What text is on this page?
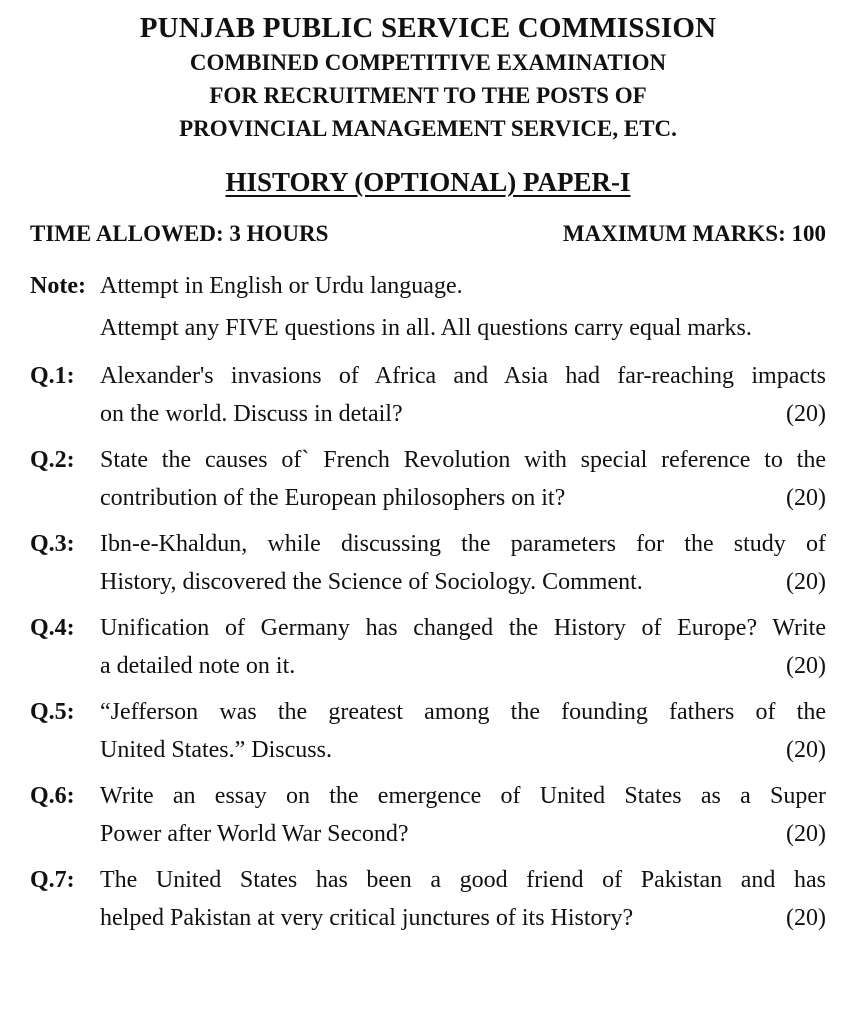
PUNJAB PUBLIC SERVICE COMMISSION

COMBINED COMPETITIVE EXAMINATION

FOR RECRUITMENT TO THE POSTS OF

PROVINCIAL MANAGEMENT SERVICE, ETC.

HISTORY (OPTIONAL) PAPER-I
TIME ALLOWED: 3 HOURS	MAXIMUM MARKS: 100
Note: Attempt in English or Urdu language.
Attempt any FIVE questions in all. All questions carry equal marks.
Q.1:	Alexander's invasions of Africa and Asia had far-reaching impacts
on the world. Discuss in detail?	(20)
Q.2:	State the causes of` French Revolution with special reference to the
contribution of the European philosophers on it?	(20)
Q.3:	Ibn-e-Khaldun, while discussing the parameters for the study of
History, discovered the Science of Sociology. Comment.	(20)
Q.4:	Unification of Germany has changed the History of Europe? Write
a detailed note on it.	(20)
Q.5:	“Jefferson was the greatest among the founding fathers of the
United States.” Discuss.	(20)
Q.6:	Write an essay on the emergence of United States as a Super
Power after World War Second?	(20)
Q.7:	The United States has been a good friend of Pakistan and has
helped Pakistan at very critical junctures of its History?	(20)
